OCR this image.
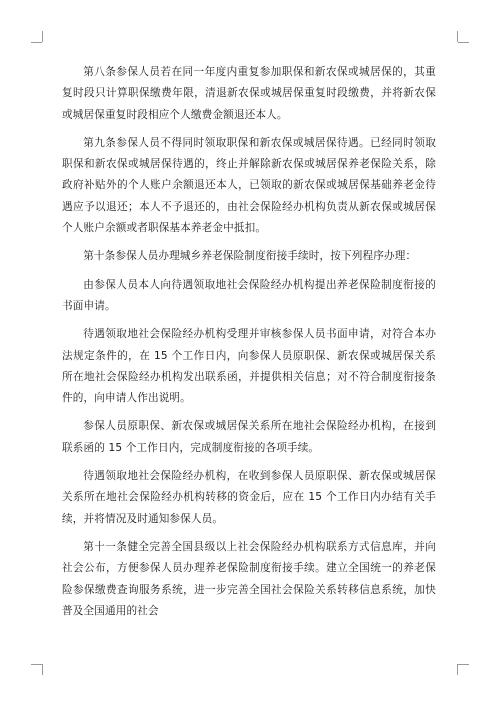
第八条参保人员若在同一年度内重复参加职保和新农保或城居保的，其重复时段只计算职保缴费年限，清退新农保或城居保重复时段缴费，并将新农保或城居保重复时段相应个人缴费金额退还本人。

第九条参保人员不得同时领取职保和新农保或城居保待遇。已经同时领取职保和新农保或城居保待遇的，终止并解除新农保或城居保养老保险关系，除政府补贴外的个人账户余额退还本人，已领取的新农保或城居保基础养老金待遇应予以退还；本人不予退还的，由社会保险经办机构负责从新农保或城居保个人账户余额或者职保基本养老金中抵扣。

第十条参保人员办理城乡养老保险制度衔接手续时，按下列程序办理：

由参保人员本人向待遇领取地社会保险经办机构提出养老保险制度衔接的书面申请。

待遇领取地社会保险经办机构受理并审核参保人员书面申请，对符合本办法规定条件的，在 15 个工作日内，向参保人员原职保、新农保或城居保关系所在地社会保险经办机构发出联系函，并提供相关信息；对不符合制度衔接条件的，向申请人作出说明。

参保人员原职保、新农保或城居保关系所在地社会保险经办机构，在接到联系函的 15 个工作日内，完成制度衔接的各项手续。

待遇领取地社会保险经办机构，在收到参保人员原职保、新农保或城居保关系所在地社会保险经办机构转移的资金后，应在 15 个工作日内办结有关手续，并将情况及时通知参保人员。

第十一条健全完善全国县级以上社会保险经办机构联系方式信息库，并向社会公布，方便参保人员办理养老保险制度衔接手续。建立全国统一的养老保险参保缴费查询服务系统，进一步完善全国社会保险关系转移信息系统，加快普及全国通用的社会
